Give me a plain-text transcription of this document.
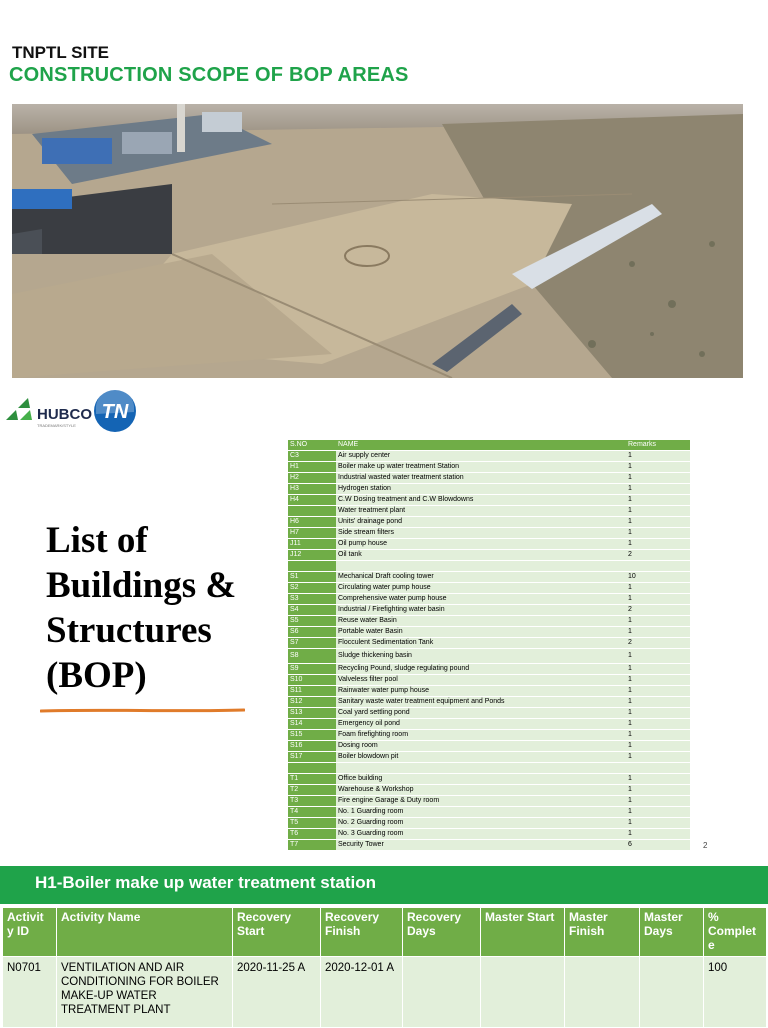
TNPTL SITE
CONSTRUCTION SCOPE OF BOP AREAS
HUBCO
TRADEMARK/STYLE
TN
List of
Buildings &
Structures
(BOP)
S.NO	NAME	Remarks
C3	Air supply center	1
H1	Boiler make up water treatment Station	1
H2	Industrial wasted water treatment station	1
H3	Hydrogen station	1
H4	C.W Dosing treatment and C.W Blowdowns	1
	Water treatment plant	1
H6	Units' drainage pond	1
H7	Side stream filters	1
J11	Oil pump house	1
J12	Oil tank	2

S1	Mechanical Draft cooling tower	10
S2	Circulating water pump house	1
S3	Comprehensive water pump house	1
S4	Industrial / Firefighting water basin	2
S5	Reuse water Basin	1
S6	Portable water Basin	1
S7	Flocculent Sedimentation Tank	2
S8	Sludge thickening basin	1
S9	Recycling Pound, sludge regulating pound	1
S10	Valveless filter pool	1
S11	Rainwater water pump house	1
S12	Sanitary waste water treatment equipment and Ponds	1
S13	Coal yard settling pond	1
S14	Emergency oil pond	1
S15	Foam firefighting room	1
S16	Dosing room	1
S17	Boiler blowdown pit	1

T1	Office building	1
T2	Warehouse & Workshop	1
T3	Fire engine Garage & Duty room	1
T4	No. 1 Guarding room	1
T5	No. 2 Guarding room	1
T6	No. 3 Guarding room	1
T7	Security Tower	6	2
H1-Boiler make up water treatment station
Activit y ID	Activity Name	Recovery Start	Recovery Finish	Recovery Days	Master Start	Master Finish	Master Days	% Complet e
N0701	VENTILATION AND AIR CONDITIONING FOR BOILER MAKE-UP WATER TREATMENT PLANT	2020-11-25 A	2020-12-01 A					100
